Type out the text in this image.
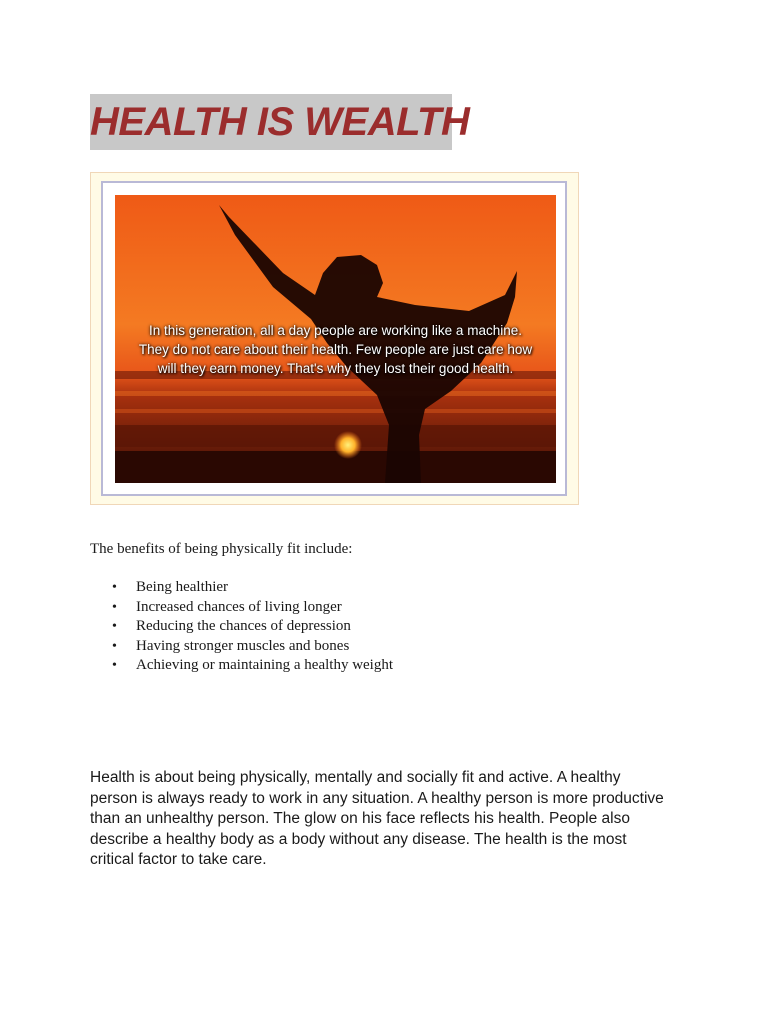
HEALTH IS WEALTH
In this generation, all a day people are working like a machine. They do not care about their health. Few people are just care how will they earn money. That's why they lost their good health.
The benefits of being physically fit include:
• Being healthier
• Increased chances of living longer
• Reducing the chances of depression
• Having stronger muscles and bones
• Achieving or maintaining a healthy weight

Health is about being physically, mentally and socially fit and active. A healthy person is always ready to work in any situation. A healthy person is more productive than an unhealthy person. The glow on his face reflects his health. People also describe a healthy body as a body without any disease. The health is the most critical factor to take care.
